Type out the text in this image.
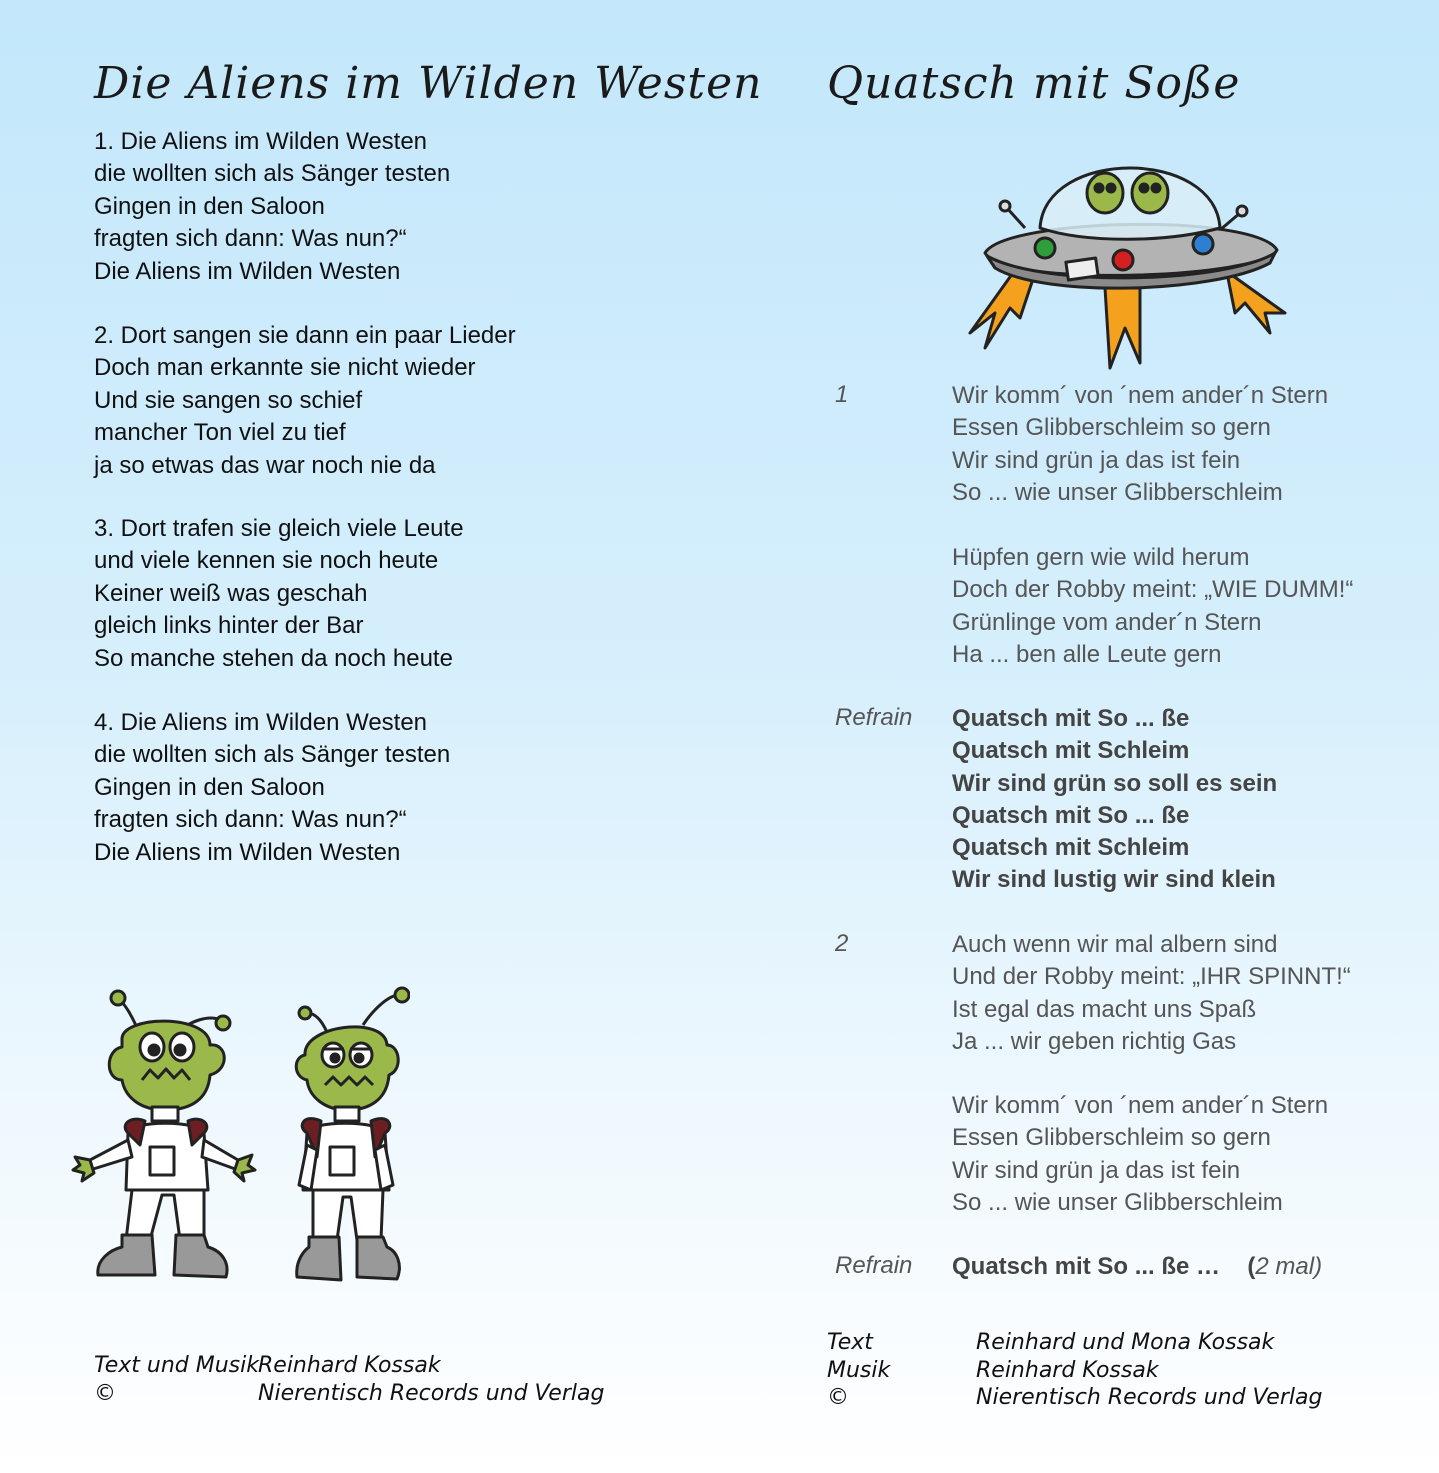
Die Aliens im Wilden Westen
1. Die Aliens im Wilden Westen
die wollten sich als Sänger testen
Gingen in den Saloon
fragten sich dann: Was nun?“
Die Aliens im Wilden Westen
2. Dort sangen sie dann ein paar Lieder
Doch man erkannte sie nicht wieder
Und sie sangen so schief
mancher Ton viel zu tief
ja so etwas das war noch nie da
3. Dort trafen sie gleich viele Leute
und viele kennen sie noch heute
Keiner weiß was geschah
gleich links hinter der Bar
So manche stehen da noch heute
4. Die Aliens im Wilden Westen
die wollten sich als Sänger testen
Gingen in den Saloon
fragten sich dann: Was nun?“
Die Aliens im Wilden Westen
Text und Musik Reinhard Kossak
©	Nierentisch Records und Verlag
Quatsch mit Soße
1	Wir komm´ von ´nem ander´n Stern
Essen Glibberschleim so gern
Wir sind grün ja das ist fein
So ... wie unser Glibberschleim
Hüpfen gern wie wild herum
Doch der Robby meint: „WIE DUMM!“
Grünlinge vom ander´n Stern
Ha ... ben alle Leute gern
Refrain Quatsch mit So ... ße
Quatsch mit Schleim
Wir sind grün so soll es sein
Quatsch mit So ... ße
Quatsch mit Schleim
Wir sind lustig wir sind klein
2	Auch wenn wir mal albern sind
Und der Robby meint: „IHR SPINNT!“
Ist egal das macht uns Spaß
Ja ... wir geben richtig Gas
Wir komm´ von ´nem ander´n Stern
Essen Glibberschleim so gern
Wir sind grün ja das ist fein
So ... wie unser Glibberschleim
Refrain Quatsch mit So ... ße … (2 mal)
Text	Reinhard und Mona Kossak
Musik	Reinhard Kossak
©	Nierentisch Records und Verlag
